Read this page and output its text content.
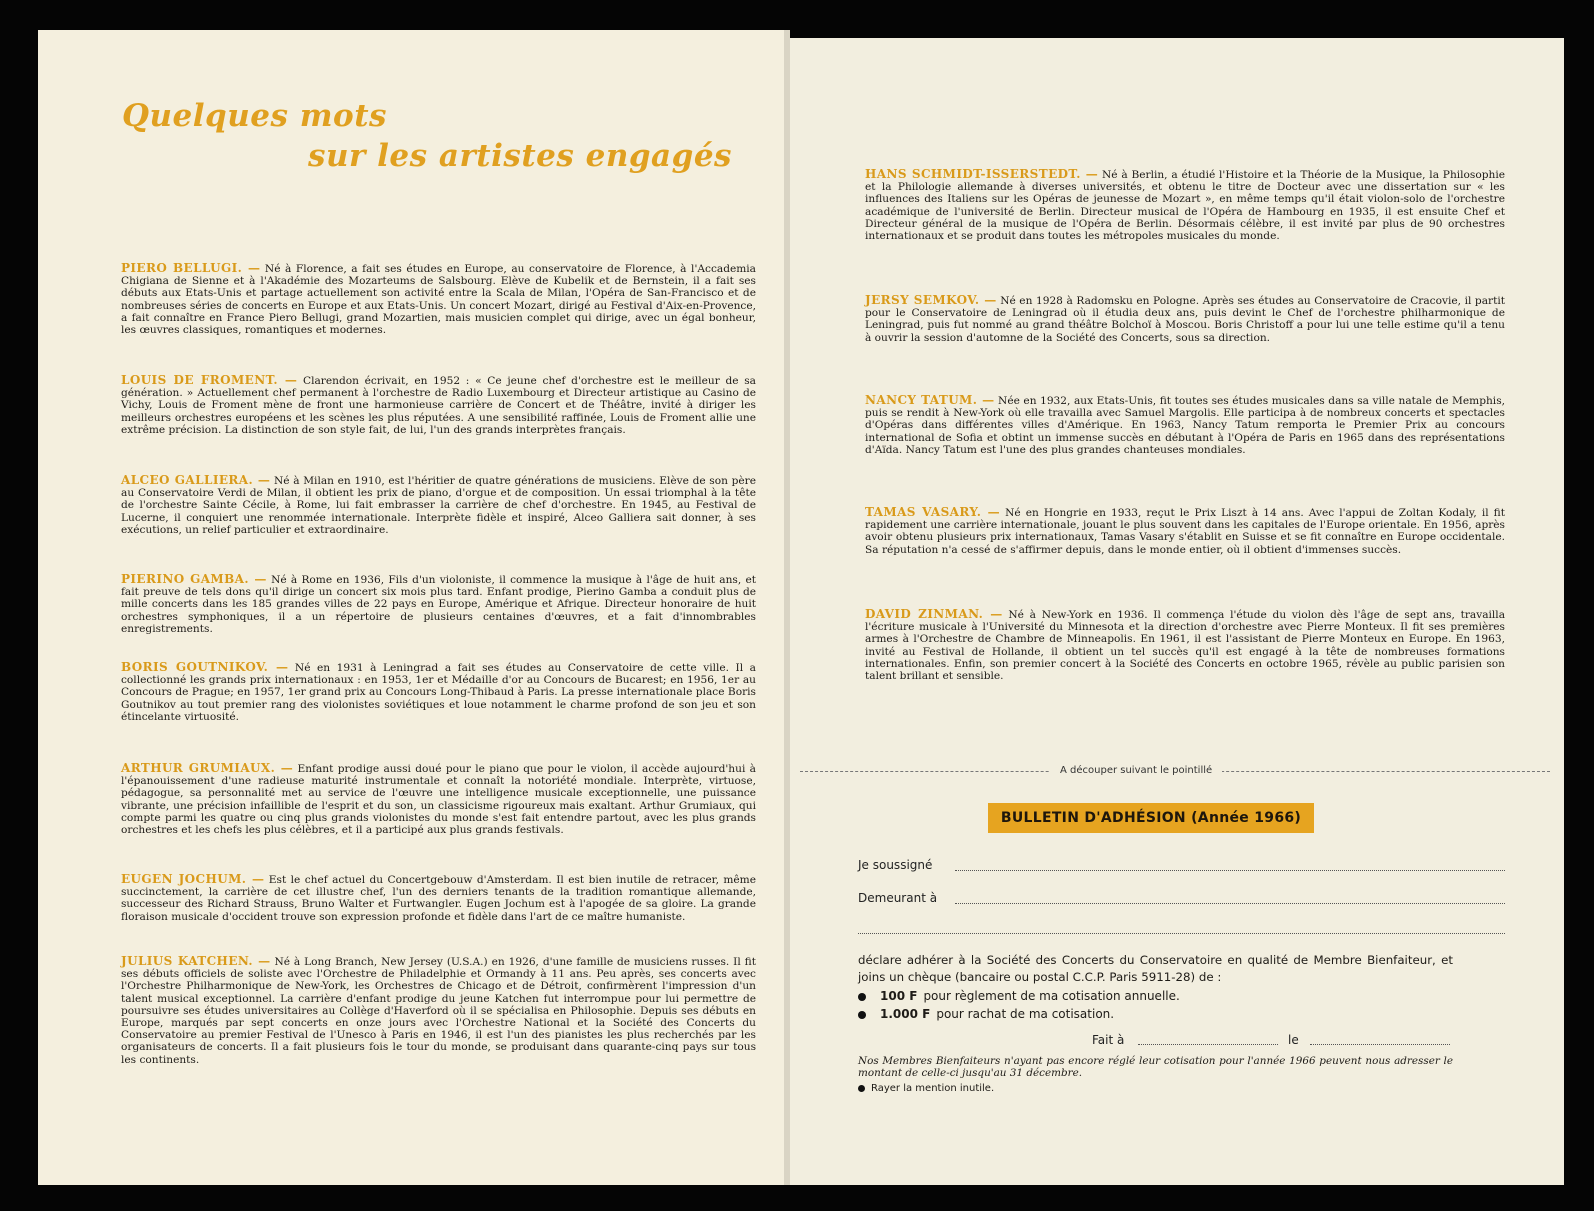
Quelques mots
sur les artistes engagés

PIERO BELLUGI. — Né à Florence, a fait ses études en Europe, au conservatoire de Florence, à l'Accademia Chigiana de Sienne et à l'Akadémie des Mozarteums de Salsbourg. Elève de Kubelik et de Bernstein, il a fait ses débuts aux Etats-Unis et partage actuellement son activité entre la Scala de Milan, l'Opéra de San-Francisco et de nombreuses séries de concerts en Europe et aux Etats-Unis. Un concert Mozart, dirigé au Festival d'Aix-en-Provence, a fait connaître en France Piero Bellugi, grand Mozartien, mais musicien complet qui dirige, avec un égal bonheur, les œuvres classiques, romantiques et modernes.

LOUIS DE FROMENT. — Clarendon écrivait, en 1952 : « Ce jeune chef d'orchestre est le meilleur de sa génération. » Actuellement chef permanent à l'orchestre de Radio Luxembourg et Directeur artistique au Casino de Vichy, Louis de Froment mène de front une harmonieuse carrière de Concert et de Théâtre, invité à diriger les meilleurs orchestres européens et les scènes les plus réputées. A une sensibilité raffinée, Louis de Froment allie une extrême précision. La distinction de son style fait, de lui, l'un des grands interprètes français.

ALCEO GALLIERA. — Né à Milan en 1910, est l'héritier de quatre générations de musiciens. Elève de son père au Conservatoire Verdi de Milan, il obtient les prix de piano, d'orgue et de composition. Un essai triomphal à la tête de l'orchestre Sainte Cécile, à Rome, lui fait embrasser la carrière de chef d'orchestre. En 1945, au Festival de Lucerne, il conquiert une renommée internationale. Interprète fidèle et inspiré, Alceo Galliera sait donner, à ses exécutions, un relief particulier et extraordinaire.

PIERINO GAMBA. — Né à Rome en 1936, Fils d'un violoniste, il commence la musique à l'âge de huit ans, et fait preuve de tels dons qu'il dirige un concert six mois plus tard. Enfant prodige, Pierino Gamba a conduit plus de mille concerts dans les 185 grandes villes de 22 pays en Europe, Amérique et Afrique. Directeur honoraire de huit orchestres symphoniques, il a un répertoire de plusieurs centaines d'œuvres, et a fait d'innombrables enregistrements.

BORIS GOUTNIKOV. — Né en 1931 à Leningrad a fait ses études au Conservatoire de cette ville. Il a collectionné les grands prix internationaux : en 1953, 1er et Médaille d'or au Concours de Bucarest; en 1956, 1er au Concours de Prague; en 1957, 1er grand prix au Concours Long-Thibaud à Paris. La presse internationale place Boris Goutnikov au tout premier rang des violonistes soviétiques et loue notamment le charme profond de son jeu et son étincelante virtuosité.

ARTHUR GRUMIAUX. — Enfant prodige aussi doué pour le piano que pour le violon, il accède aujourd'hui à l'épanouissement d'une radieuse maturité instrumentale et connaît la notoriété mondiale. Interprète, virtuose, pédagogue, sa personnalité met au service de l'œuvre une intelligence musicale exceptionnelle, une puissance vibrante, une précision infaillible de l'esprit et du son, un classicisme rigoureux mais exaltant. Arthur Grumiaux, qui compte parmi les quatre ou cinq plus grands violonistes du monde s'est fait entendre partout, avec les plus grands orchestres et les chefs les plus célèbres, et il a participé aux plus grands festivals.

EUGEN JOCHUM. — Est le chef actuel du Concertgebouw d'Amsterdam. Il est bien inutile de retracer, même succinctement, la carrière de cet illustre chef, l'un des derniers tenants de la tradition romantique allemande, successeur des Richard Strauss, Bruno Walter et Furtwangler. Eugen Jochum est à l'apogée de sa gloire. La grande floraison musicale d'occident trouve son expression profonde et fidèle dans l'art de ce maître humaniste.

JULIUS KATCHEN. — Né à Long Branch, New Jersey (U.S.A.) en 1926, d'une famille de musiciens russes. Il fit ses débuts officiels de soliste avec l'Orchestre de Philadelphie et Ormandy à 11 ans. Peu après, ses concerts avec l'Orchestre Philharmonique de New-York, les Orchestres de Chicago et de Détroit, confirmèrent l'impression d'un talent musical exceptionnel. La carrière d'enfant prodige du jeune Katchen fut interrompue pour lui permettre de poursuivre ses études universitaires au Collège d'Haverford où il se spécialisa en Philosophie. Depuis ses débuts en Europe, marqués par sept concerts en onze jours avec l'Orchestre National et la Société des Concerts du Conservatoire au premier Festival de l'Unesco à Paris en 1946, il est l'un des pianistes les plus recherchés par les organisateurs de concerts. Il a fait plusieurs fois le tour du monde, se produisant dans quarante-cinq pays sur tous les continents.

HANS SCHMIDT-ISSERSTEDT. — Né à Berlin, a étudié l'Histoire et la Théorie de la Musique, la Philosophie et la Philologie allemande à diverses universités, et obtenu le titre de Docteur avec une dissertation sur « les influences des Italiens sur les Opéras de jeunesse de Mozart », en même temps qu'il était violon-solo de l'orchestre académique de l'université de Berlin. Directeur musical de l'Opéra de Hambourg en 1935, il est ensuite Chef et Directeur général de la musique de l'Opéra de Berlin. Désormais célèbre, il est invité par plus de 90 orchestres internationaux et se produit dans toutes les métropoles musicales du monde.

JERSY SEMKOV. — Né en 1928 à Radomsku en Pologne. Après ses études au Conservatoire de Cracovie, il partit pour le Conservatoire de Leningrad où il étudia deux ans, puis devint le Chef de l'orchestre philharmonique de Leningrad, puis fut nommé au grand théâtre Bolchoï à Moscou. Boris Christoff a pour lui une telle estime qu'il a tenu à ouvrir la session d'automne de la Société des Concerts, sous sa direction.

NANCY TATUM. — Née en 1932, aux Etats-Unis, fit toutes ses études musicales dans sa ville natale de Memphis, puis se rendit à New-York où elle travailla avec Samuel Margolis. Elle participa à de nombreux concerts et spectacles d'Opéras dans différentes villes d'Amérique. En 1963, Nancy Tatum remporta le Premier Prix au concours international de Sofia et obtint un immense succès en débutant à l'Opéra de Paris en 1965 dans des représentations d'Aïda. Nancy Tatum est l'une des plus grandes chanteuses mondiales.

TAMAS VASARY. — Né en Hongrie en 1933, reçut le Prix Liszt à 14 ans. Avec l'appui de Zoltan Kodaly, il fit rapidement une carrière internationale, jouant le plus souvent dans les capitales de l'Europe orientale. En 1956, après avoir obtenu plusieurs prix internationaux, Tamas Vasary s'établit en Suisse et se fit connaître en Europe occidentale. Sa réputation n'a cessé de s'affirmer depuis, dans le monde entier, où il obtient d'immenses succès.

DAVID ZINMAN. — Né à New-York en 1936. Il commença l'étude du violon dès l'âge de sept ans, travailla l'écriture musicale à l'Université du Minnesota et la direction d'orchestre avec Pierre Monteux. Il fit ses premières armes à l'Orchestre de Chambre de Minneapolis. En 1961, il est l'assistant de Pierre Monteux en Europe. En 1963, invité au Festival de Hollande, il obtient un tel succès qu'il est engagé à la tête de nombreuses formations internationales. Enfin, son premier concert à la Société des Concerts en octobre 1965, révèle au public parisien son talent brillant et sensible.

A découper suivant le pointillé
BULLETIN D'ADHÉSION (Année 1966)
Je soussigné
Demeurant à

déclare adhérer à la Société des Concerts du Conservatoire en qualité de Membre Bienfaiteur, et joins un chèque (bancaire ou postal C.C.P. Paris 5911-28) de :

100 F pour règlement de ma cotisation annuelle.
1.000 F pour rachat de ma cotisation.
Fait à	le

Nos Membres Bienfaiteurs n'ayant pas encore réglé leur cotisation pour l'année 1966 peuvent nous adresser le montant de celle-ci jusqu'au 31 décembre.

Rayer la mention inutile.
